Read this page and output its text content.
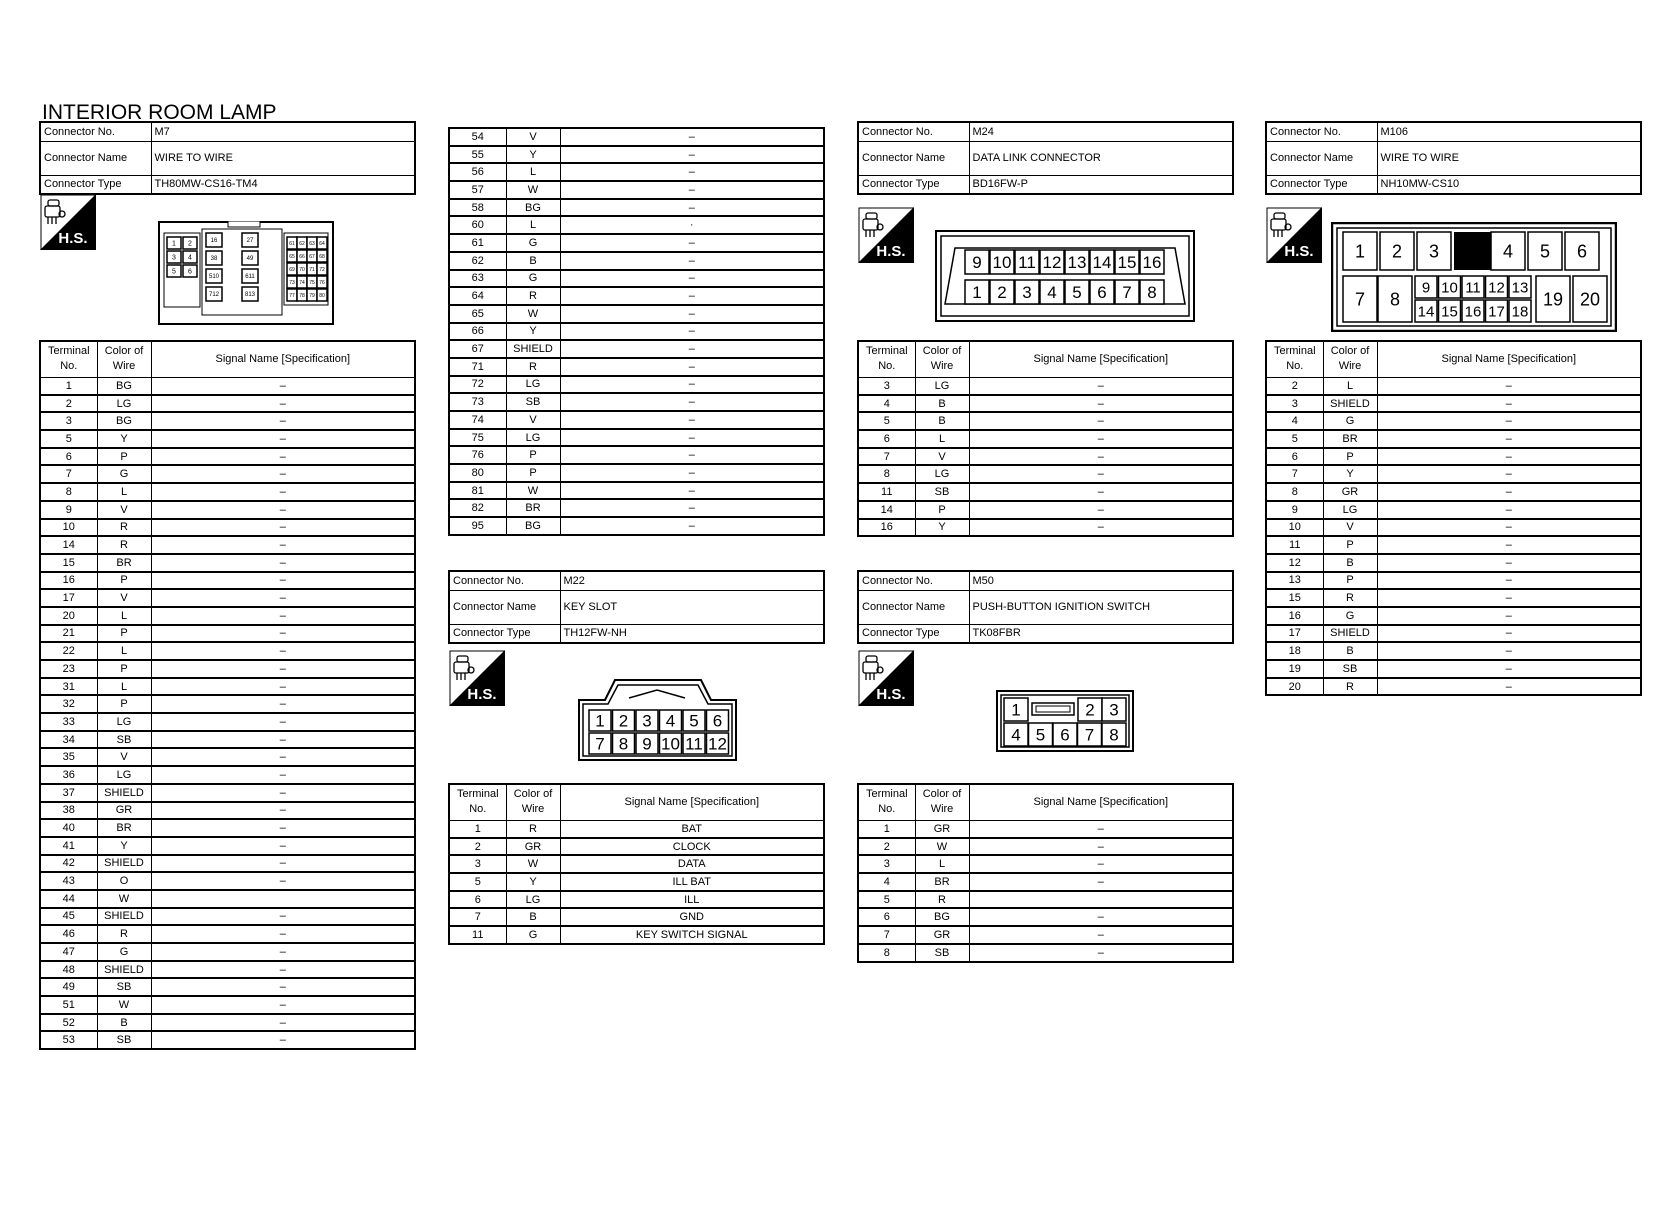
INTERIOR ROOM LAMP
Connector No.	M7
Connector Name	WIRE TO WIRE
Connector Type	TH80MW-CS16-TM4
H.S.	1 2
3 4
5 6
16	27
38	49
510	611
712	813
61 62 63 64
65 66 67 68
69 70 71 72
73 74 75 76
77 78 79 80
Terminal No.	Color of Wire	Signal Name [Specification]
1	BG	–
2	LG	–
3	BG	–
5	Y	–
6	P	–
7	G	–
8	L	–
9	V	–
10	R	–
14	R	–
15	BR	–
16	P	–
17	V	–
20	L	–
21	P	–
22	L	–
23	P	–
31	L	–
32	P	–
33	LG	–
34	SB	–
35	V	–
36	LG	–
37	SHIELD	–
38	GR	–
40	BR	–
41	Y	–
42	SHIELD	–
43	O	–
44	W	
45	SHIELD	–
46	R	–
47	G	–
48	SHIELD	–
49	SB	–
51	W	–
52	B	–
53	SB	–
54	V	–
55	Y	–
56	L	–
57	W	–
58	BG	–
60	L	·
61	G	–
62	B	–
63	G	–
64	R	–
65	W	–
66	Y	–
67	SHIELD	–
71	R	–
72	LG	–
73	SB	–
74	V	–
75	LG	–
76	P	–
80	P	–
81	W	–
82	BR	–
95	BG	–
Connector No.	M22
Connector Name	KEY SLOT
Connector Type	TH12FW-NH
H.S.
1 2 3 4 5 6
7 8 9 10 11 12
Terminal No.	Color of Wire	Signal Name [Specification]
1	R	BAT
2	GR	CLOCK
3	W	DATA
5	Y	ILL BAT
6	LG	ILL
7	B	GND
11	G	KEY SWITCH SIGNAL
Connector No.	M24
Connector Name	DATA LINK CONNECTOR
Connector Type	BD16FW-P
H.S.
9 10 11 12 13 14 15 16
1 2 3 4 5 6 7 8
Terminal No.	Color of Wire	Signal Name [Specification]
3	LG	–
4	B	–
5	B	–
6	L	–
7	V	–
8	LG	–
11	SB	–
14	P	–
16	Y	–
Connector No.	M50
Connector Name	PUSH-BUTTON IGNITION SWITCH
Connector Type	TK08FBR
H.S.
1	2 3
4 5 6 7 8
Terminal No.	Color of Wire	Signal Name [Specification]
1	GR	–
2	W	–
3	L	–
4	BR	–
5	R	
6	BG	–
7	GR	–
8	SB	–
Connector No.	M106
Connector Name	WIRE TO WIRE
Connector Type	NH10MW-CS10
H.S. 1 2 3	4 5 6
7 8
9 10 11 12 13
14 15 16 17 18
19 20
Terminal No.	Color of Wire	Signal Name [Specification]
2	L	–
3	SHIELD	–
4	G	–
5	BR	–
6	P	–
7	Y	–
8	GR	–
9	LG	–
10	V	–
11	P	–
12	B	–
13	P	–
15	R	–
16	G	–
17	SHIELD	–
18	B	–
19	SB	–
20	R	–
